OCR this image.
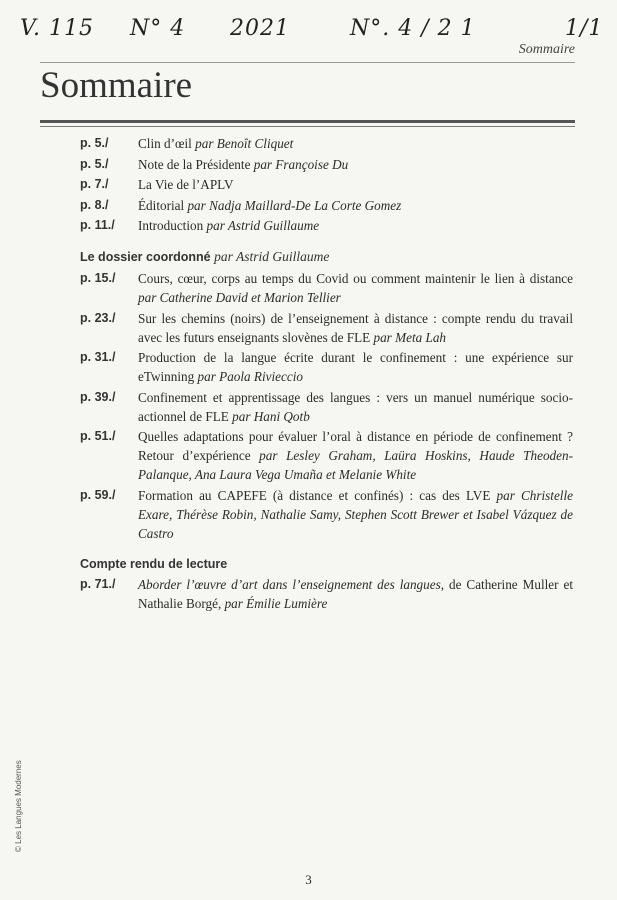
V. 115 N° 4 2021	N°. 4 / 2 1	1/1
Sommaire
Sommaire
p. 5./	Clin d’œil par Benoît Cliquet
p. 5./	Note de la Présidente par Françoise Du
p. 7./	La Vie de l’APLV
p. 8./	Éditorial par Nadja Maillard-De La Corte Gomez
p. 11./	Introduction par Astrid Guillaume
Le dossier coordonné par Astrid Guillaume
p. 15./	Cours, cœur, corps au temps du Covid ou comment maintenir le lien à distance par Catherine David et Marion Tellier
p. 23./	Sur les chemins (noirs) de l’enseignement à distance : compte rendu du travail avec les futurs enseignants slovènes de FLE par Meta Lah
p. 31./	Production de la langue écrite durant le confinement : une expérience sur eTwinning par Paola Rivieccio
p. 39./	Confinement et apprentissage des langues : vers un manuel numérique socio-actionnel de FLE par Hani Qotb
p. 51./	Quelles adaptations pour évaluer l’oral à distance en période de confinement ? Retour d’expérience par Lesley Graham, Laüra Hoskins, Haude Theoden-Palanque, Ana Laura Vega Umaña et Melanie White
p. 59./	Formation au CAPEFE (à distance et confinés) : cas des LVE par Christelle Exare, Thérèse Robin, Nathalie Samy, Stephen Scott Brewer et Isabel Vázquez de Castro
Compte rendu de lecture
p. 71./	Aborder l’œuvre d’art dans l’enseignement des langues, de Catherine Muller et Nathalie Borgé, par Émilie Lumière
© Les Langues Modernes
3
